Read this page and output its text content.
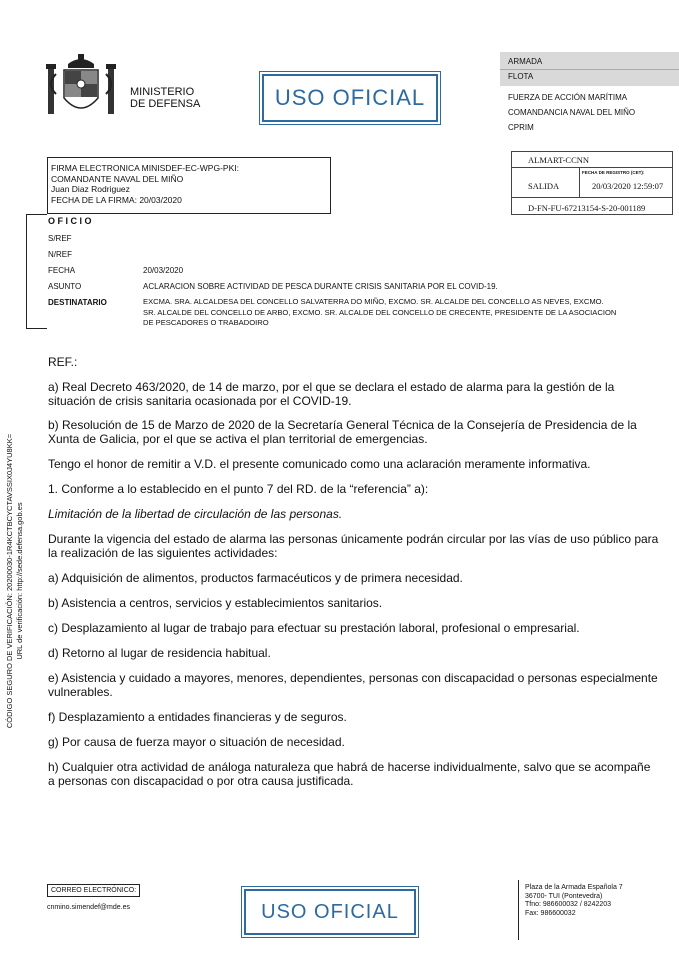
MINISTERIO
DE DEFENSA	USO OFICIAL
ARMADA
FLOTA
FUERZA DE ACCIÓN MARÍTIMA
COMANDANCIA NAVAL DEL MIÑO
CPRIM
FIRMA ELECTRONICA MINISDEF-EC-WPG-PKI:
COMANDANTE NAVAL DEL MIÑO
Juan Diaz Rodriguez
FECHA DE LA FIRMA: 20/03/2020
ALMART-CCNN
FECHA DE REGISTRO (CET):
SALIDA	20/03/2020 12:59:07
D-FN-FU-67213154-S-20-001189
O F I C I O
S/REF
N/REF
FECHA	20/03/2020
ASUNTO	ACLARACION SOBRE ACTIVIDAD DE PESCA DURANTE CRISIS SANITARIA POR EL COVID-19.
DESTINATARIO	EXCMA. SRA. ALCALDESA DEL CONCELLO SALVATERRA DO MIÑO, EXCMO. SR. ALCALDE DEL CONCELLO AS NEVES, EXCMO.
SR. ALCALDE DEL CONCELLO DE ARBO, EXCMO. SR. ALCALDE DEL CONCELLO DE CRECENTE, PRESIDENTE DE LA ASOCIACION
DE PESCADORES O TRABADOIRO
REF.:
a) Real Decreto 463/2020, de 14 de marzo, por el que se declara el estado de alarma para la gestión de la
situación de crisis sanitaria ocasionada por el COVID-19.
b) Resolución de 15 de Marzo de 2020 de la Secretaría General Técnica de la Consejería de Presidencia de la
Xunta de Galicia, por el que se activa el plan territorial de emergencias.
Tengo el honor de remitir a V.D. el presente comunicado como una aclaración meramente informativa.
1. Conforme a lo establecido en el punto 7 del RD. de la “referencia” a):
Limitación de la libertad de circulación de las personas.
Durante la vigencia del estado de alarma las personas únicamente podrán circular por las vías de uso público para
la realización de las siguientes actividades:
a) Adquisición de alimentos, productos farmacéuticos y de primera necesidad.
b) Asistencia a centros, servicios y establecimientos sanitarios.
c) Desplazamiento al lugar de trabajo para efectuar su prestación laboral, profesional o empresarial.
d) Retorno al lugar de residencia habitual.
e) Asistencia y cuidado a mayores, menores, dependientes, personas con discapacidad o personas especialmente
vulnerables.
f) Desplazamiento a entidades financieras y de seguros.
g) Por causa de fuerza mayor o situación de necesidad.
h) Cualquier otra actividad de análoga naturaleza que habrá de hacerse individualmente, salvo que se acompañe
a personas con discapacidad o por otra causa justificada.
CÓDIGO SEGURO DE VERIFICACIÓN: 20200030-1R4KCTBCYCTAVSSIX0J4YU8KK= URL de verificación: http://sede.defensa.gob.es
CORREO ELECTRÓNICO:
cnmino.simendef@mde.es	USO OFICIAL
Plaza de la Armada Española 7
36700- TUI (Pontevedra)
Tfno: 986600032 / 8242203
Fax: 986600032
